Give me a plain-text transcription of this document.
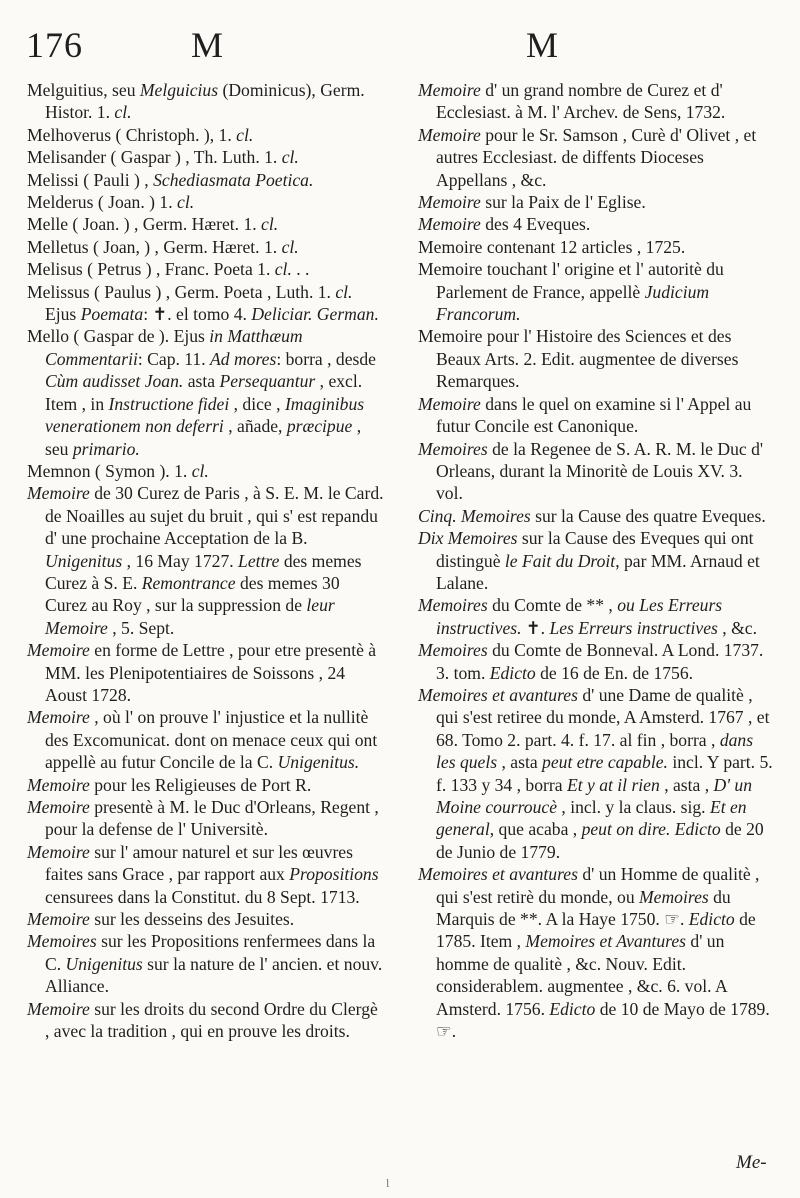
176	M	M
Melguitius, seu Melguicius (Dominicus), Germ. Histor. 1. cl.
Melhoverus ( Christoph. ), 1. cl.
Melisander ( Gaspar ) , Th. Luth. 1. cl.
Melissi ( Pauli ) , Schediasmata Poetica.
Melderus ( Joan. ) 1. cl.
Melle ( Joan. ) , Germ. Hæret. 1. cl.
Melletus ( Joan, ) , Germ. Hæret. 1. cl.
Melisus ( Petrus ) , Franc. Poeta 1. cl. . .
Melissus ( Paulus ) , Germ. Poeta , Luth. 1. cl. Ejus Poemata: ✝. el tomo 4. Deliciar. German.
Mello ( Gaspar de ). Ejus in Matthæum Commentarii: Cap. 11. Ad mores: borra , desde Cùm audisset Joan. asta Persequantur , excl. Item , in Instructione fidei , dice , Imaginibus venerationem non deferri , añade, præcipue , seu primario.
Memnon ( Symon ). 1. cl.
Memoire de 30 Curez de Paris , à S. E. M. le Card. de Noailles au sujet du bruit , qui s' est repandu d' une prochaine Acceptation de la B. Unigenitus , 16 May 1727. Lettre des memes Curez à S. E. Remontrance des memes 30 Curez au Roy , sur la suppression de leur Memoire , 5. Sept.
Memoire en forme de Lettre , pour etre presentè à MM. les Plenipotentiaires de Soissons , 24 Aoust 1728.
Memoire , où l' on prouve l' injustice et la nullitè des Excomunicat. dont on menace ceux qui ont appellè au futur Concile de la C. Unigenitus.
Memoire pour les Religieuses de Port R.
Memoire presentè à M. le Duc d'Orleans, Regent , pour la defense de l' Universitè.
Memoire sur l' amour naturel et sur les œuvres faites sans Grace , par rapport aux Propositions censurees dans la Constitut. du 8 Sept. 1713.
Memoire sur les desseins des Jesuites.
Memoires sur les Propositions renfermees dans la C. Unigenitus sur la nature de l' ancien. et nouv. Alliance.
Memoire sur les droits du second Ordre du Clergè , avec la tradition , qui en prouve les droits.
Memoire d' un grand nombre de Curez et d' Ecclesiast. à M. l' Archev. de Sens, 1732.
Memoire pour le Sr. Samson , Curè d' Olivet , et autres Ecclesiast. de diffents Dioceses Appellans , &c.
Memoire sur la Paix de l' Eglise.
Memoire des 4 Eveques.
Memoire contenant 12 articles , 1725.
Memoire touchant l' origine et l' autoritè du Parlement de France, appellè Judicium Francorum.
Memoire pour l' Histoire des Sciences et des Beaux Arts. 2. Edit. augmentee de diverses Remarques.
Memoire dans le quel on examine si l' Appel au futur Concile est Canonique.
Memoires de la Regenee de S. A. R. M. le Duc d' Orleans, durant la Minoritè de Louis XV. 3. vol.
Cinq. Memoires sur la Cause des quatre Eveques.
Dix Memoires sur la Cause des Eveques qui ont distinguè le Fait du Droit, par MM. Arnaud et Lalane.
Memoires du Comte de ** , ou Les Erreurs instructives. ✝. Les Erreurs instructives , &c.
Memoires du Comte de Bonneval. A Lond. 1737. 3. tom. Edicto de 16 de En. de 1756.
Memoires et avantures d' une Dame de qualitè , qui s'est retiree du monde, A Amsterd. 1767 , et 68. Tomo 2. part. 4. f. 17. al fin , borra , dans les quels , asta peut etre capable. incl. Y part. 5. f. 133 y 34 , borra Et y at il rien , asta , D' un Moine courroucè , incl. y la claus. sig. Et en general, que acaba , peut on dire. Edicto de 20 de Junio de 1779.
Memoires et avantures d' un Homme de qualitè , qui s'est retirè du monde, ou Memoires du Marquis de **. A la Haye 1750. ☞. Edicto de 1785. Item , Memoires et Avantures d' un homme de qualitè , &c. Nouv. Edit. considerablem. augmentee , &c. 6. vol. A Amsterd. 1756. Edicto de 10 de Mayo de 1789. ☞.
Me-
l
